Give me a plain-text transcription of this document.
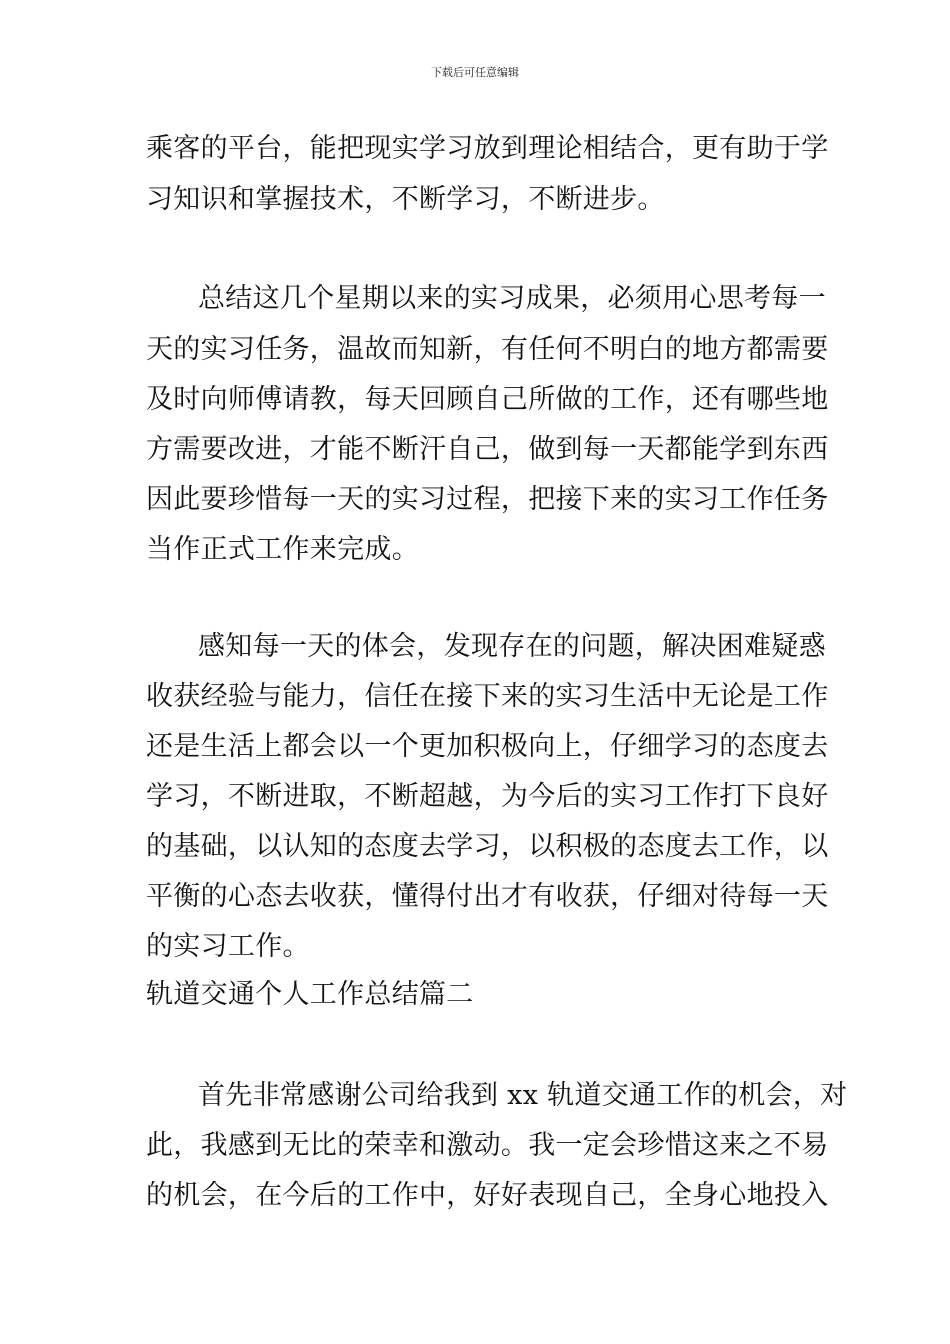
下载后可任意编辑
乘客的平台，能把现实学习放到理论相结合，更有助于学
习知识和掌握技术，不断学习，不断进步。
总结这几个星期以来的实习成果，必须用心思考每一
天的实习任务，温故而知新，有任何不明白的地方都需要
及时向师傅请教，每天回顾自己所做的工作，还有哪些地
方需要改进，才能不断汗自己，做到每一天都能学到东西
因此要珍惜每一天的实习过程，把接下来的实习工作任务
当作正式工作来完成。
感知每一天的体会，发现存在的问题，解决困难疑惑
收获经验与能力，信任在接下来的实习生活中无论是工作
还是生活上都会以一个更加积极向上，仔细学习的态度去
学习，不断进取，不断超越，为今后的实习工作打下良好
的基础，以认知的态度去学习，以积极的态度去工作，以
平衡的心态去收获，懂得付出才有收获，仔细对待每一天
的实习工作。
轨道交通个人工作总结篇二
首先非常感谢公司给我到 xx 轨道交通工作的机会，对
此，我感到无比的荣幸和激动。我一定会珍惜这来之不易
的机会，在今后的工作中，好好表现自己，全身心地投入
